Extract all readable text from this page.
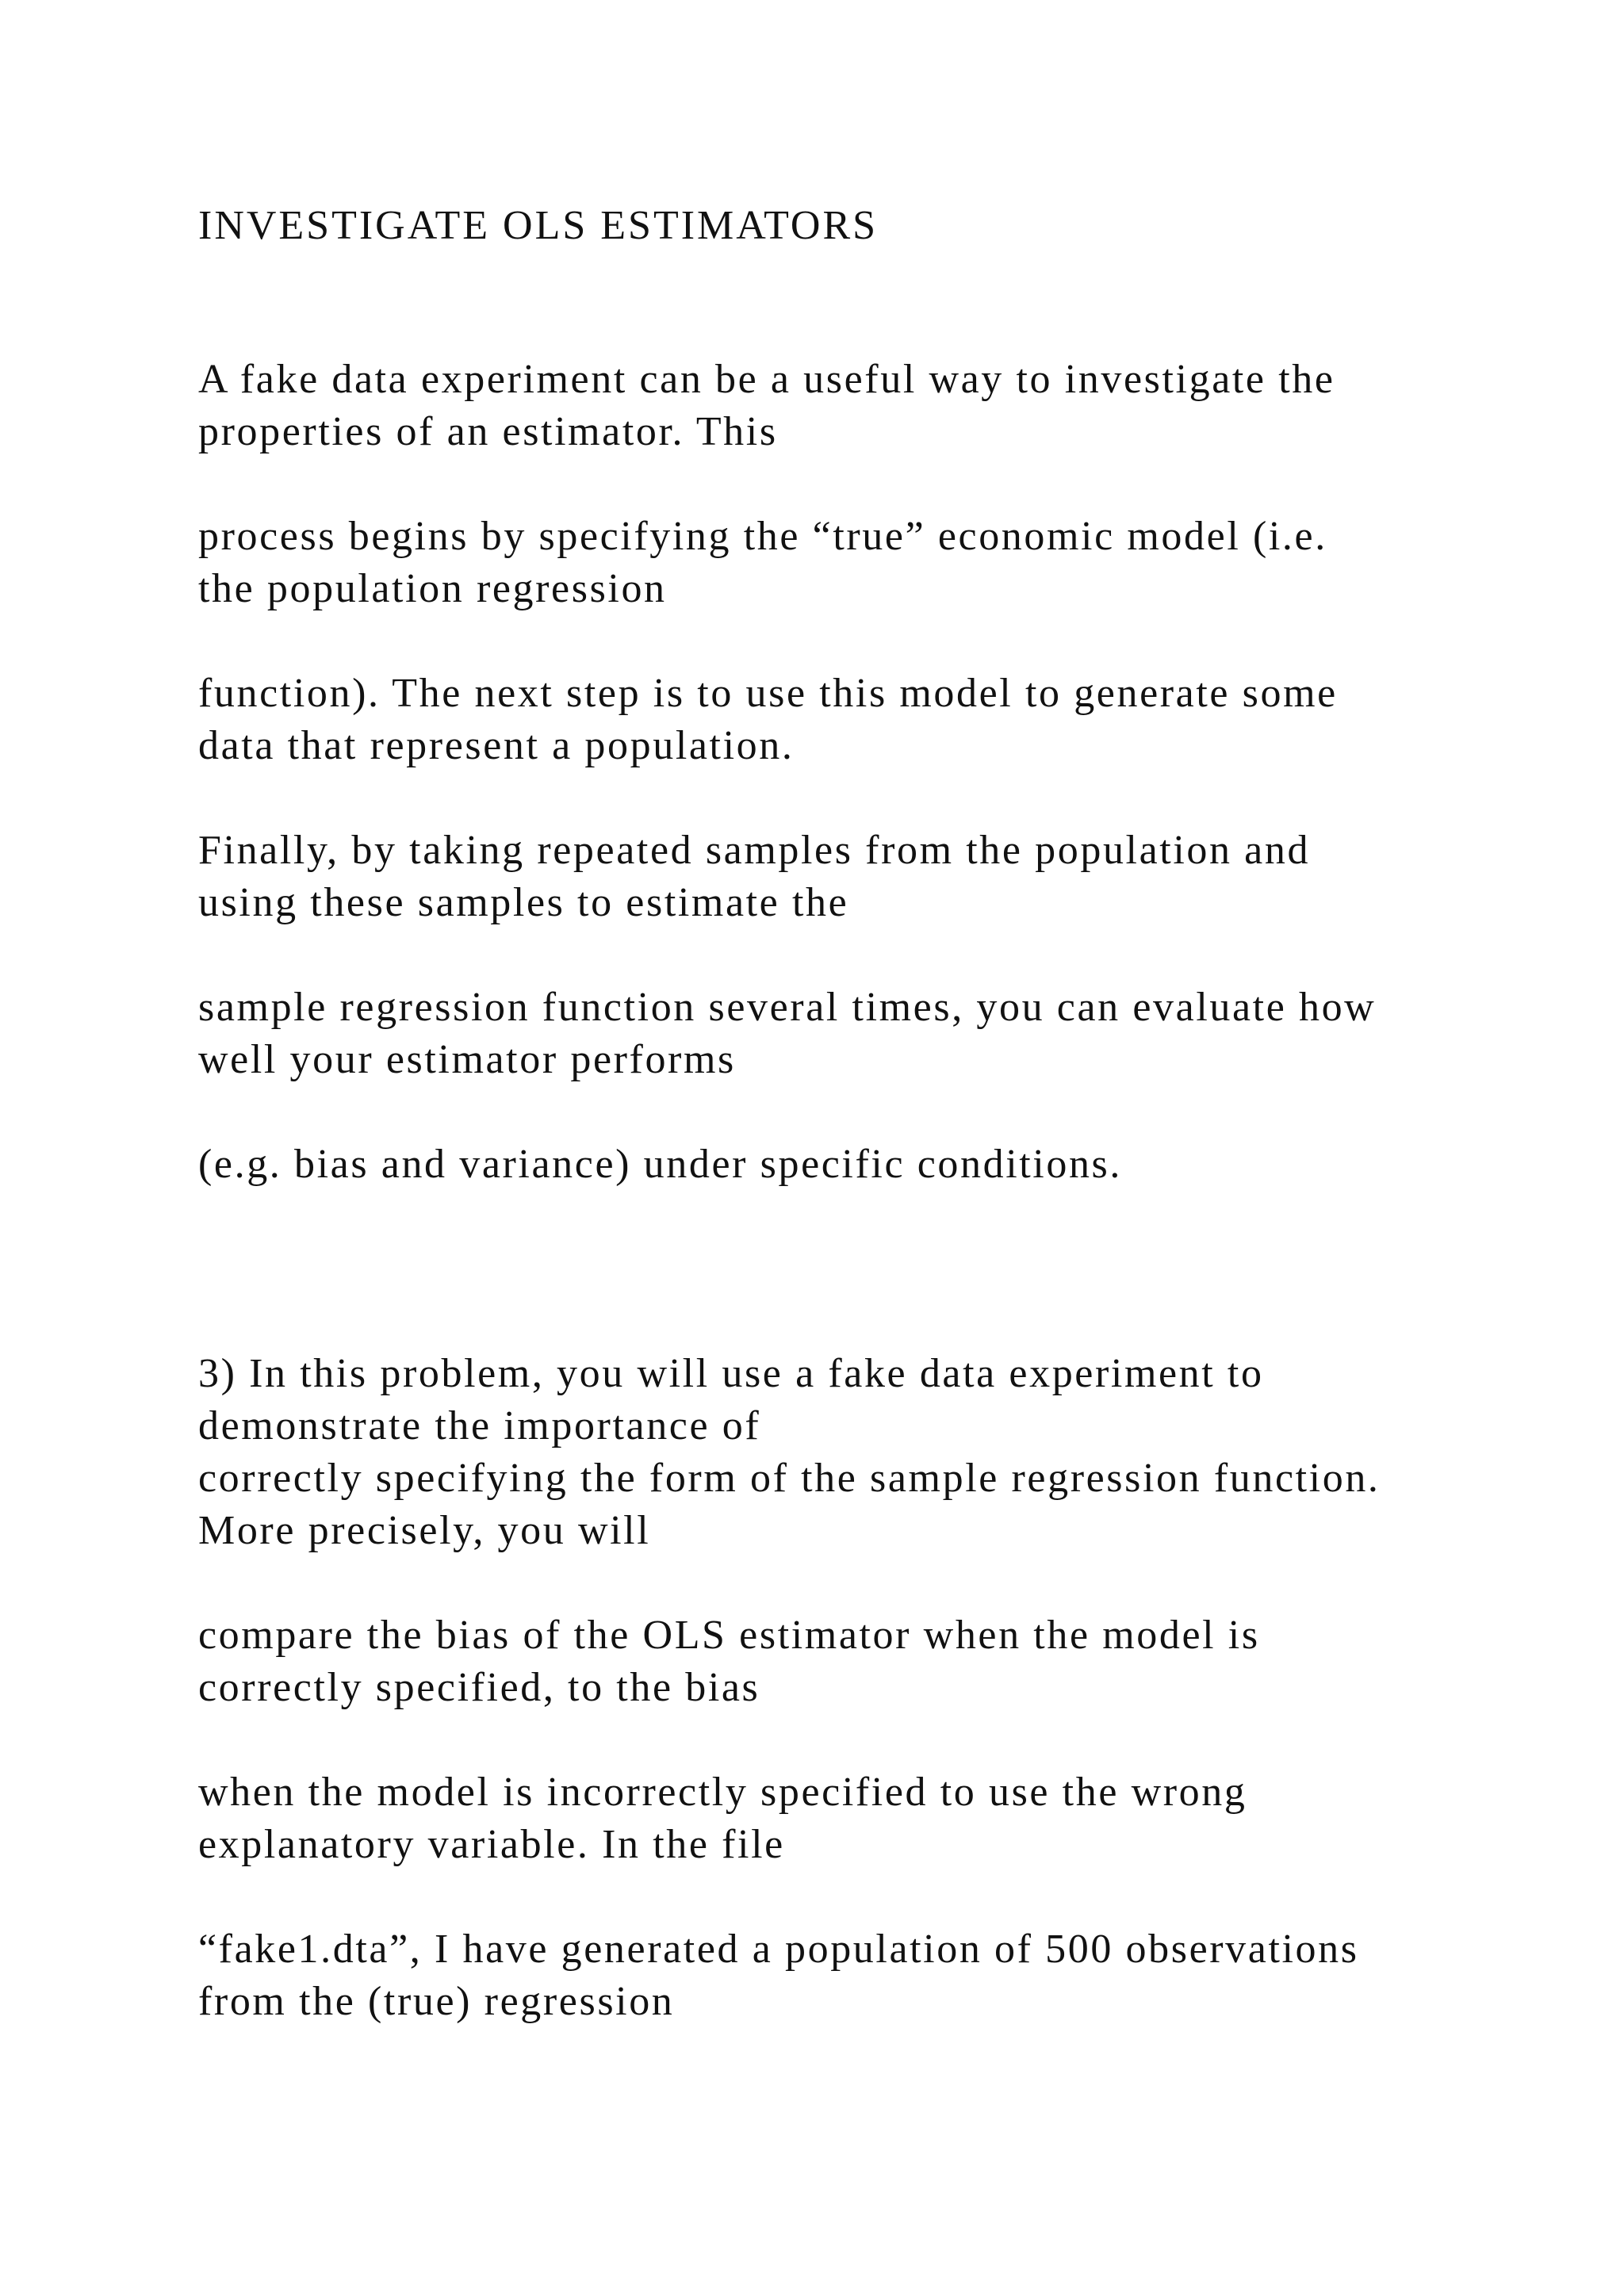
INVESTIGATE OLS ESTIMATORS

A fake data experiment can be a useful way to investigate the
properties of an estimator. This

process begins by specifying the “true” economic model (i.e.
the population regression

function). The next step is to use this model to generate some
data that represent a population.

Finally, by taking repeated samples from the population and
using these samples to estimate the

sample regression function several times, you can evaluate how
well your estimator performs

(e.g. bias and variance) under specific conditions.

3) In this problem, you will use a fake data experiment to
demonstrate the importance of
correctly specifying the form of the sample regression function.
More precisely, you will

compare the bias of the OLS estimator when the model is
correctly specified, to the bias

when the model is incorrectly specified to use the wrong
explanatory variable. In the file

“fake1.dta”, I have generated a population of 500 observations
from the (true) regression
